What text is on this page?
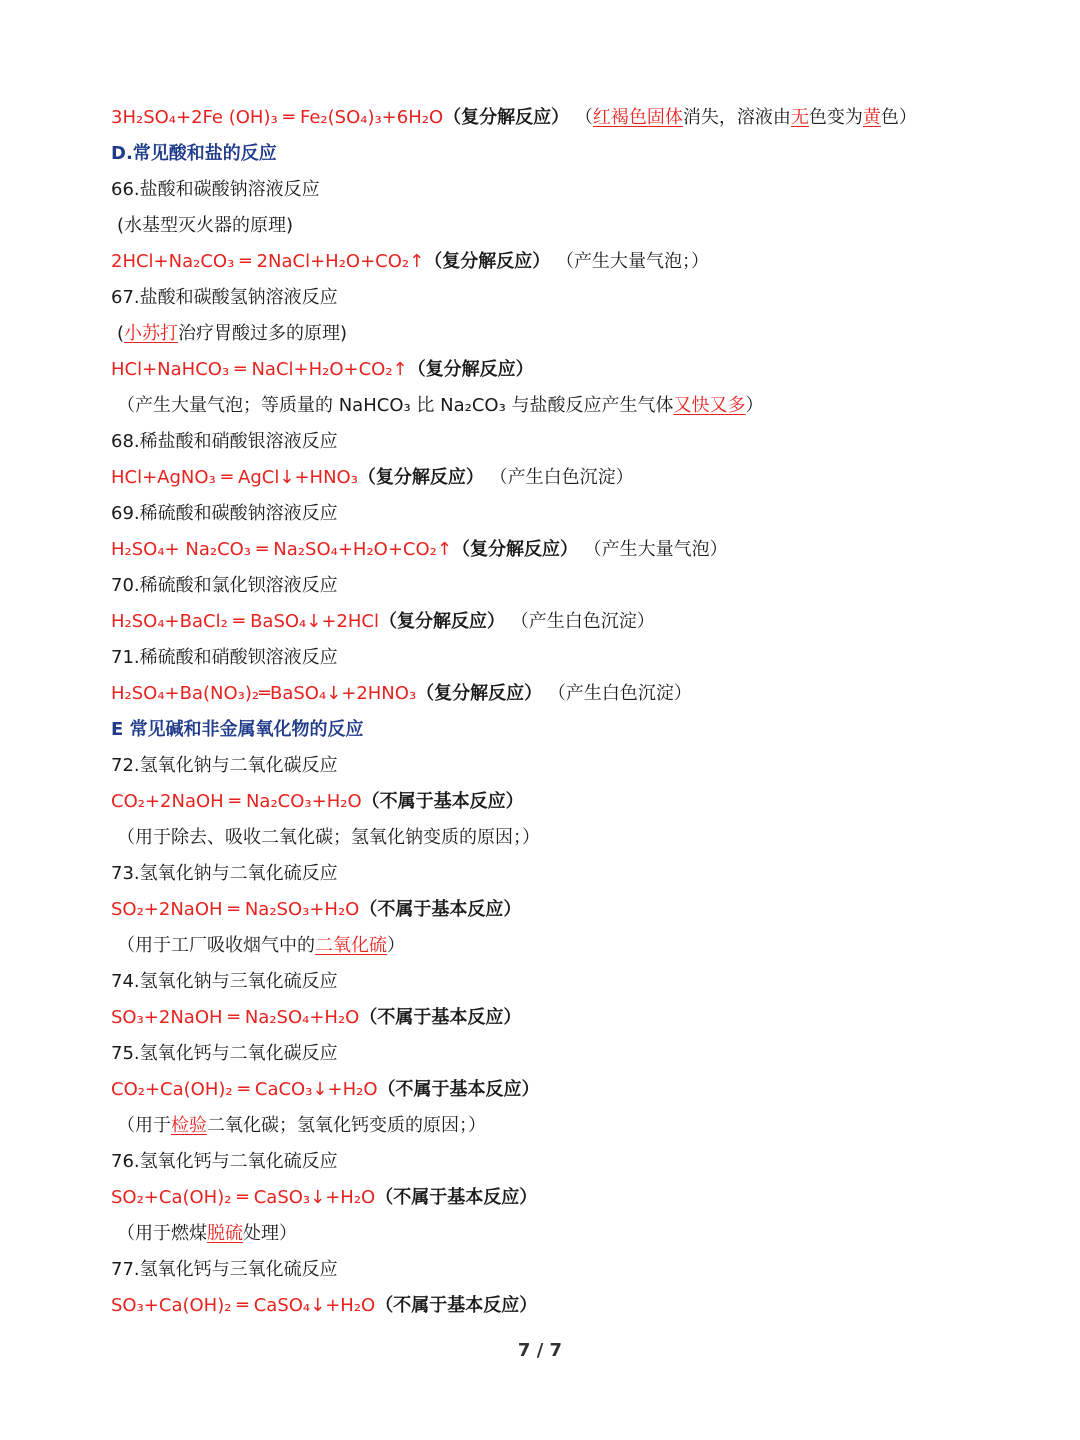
3H₂SO₄+2Fe (OH)₃ ═ Fe₂(SO₄)₃+6H₂O（复分解反应） （红褐色固体消失，溶液由无色变为黄色）
D.常见酸和盐的反应
66.盐酸和碳酸钠溶液反应
(水基型灭火器的原理)
2HCl+Na₂CO₃ ═ 2NaCl+H₂O+CO₂↑（复分解反应） （产生大量气泡；）
67.盐酸和碳酸氢钠溶液反应
(小苏打治疗胃酸过多的原理)
HCl+NaHCO₃ ═ NaCl+H₂O+CO₂↑（复分解反应）
（产生大量气泡；等质量的 NaHCO₃ 比 Na₂CO₃ 与盐酸反应产生气体又快又多）
68.稀盐酸和硝酸银溶液反应
HCl+AgNO₃ ═ AgCl↓+HNO₃（复分解反应） （产生白色沉淀）
69.稀硫酸和碳酸钠溶液反应
H₂SO₄+ Na₂CO₃ ═ Na₂SO₄+H₂O+CO₂↑（复分解反应） （产生大量气泡）
70.稀硫酸和氯化钡溶液反应
H₂SO₄+BaCl₂ ═ BaSO₄↓+2HCl（复分解反应） （产生白色沉淀）
71.稀硫酸和硝酸钡溶液反应
H₂SO₄+Ba(NO₃)₂═BaSO₄↓+2HNO₃（复分解反应） （产生白色沉淀）
E 常见碱和非金属氧化物的反应
72.氢氧化钠与二氧化碳反应
CO₂+2NaOH ═ Na₂CO₃+H₂O（不属于基本反应）
（用于除去、吸收二氧化碳；氢氧化钠变质的原因；）
73.氢氧化钠与二氧化硫反应
SO₂+2NaOH ═ Na₂SO₃+H₂O（不属于基本反应）
（用于工厂吸收烟气中的二氧化硫）
74.氢氧化钠与三氧化硫反应
SO₃+2NaOH ═ Na₂SO₄+H₂O（不属于基本反应）
75.氢氧化钙与二氧化碳反应
CO₂+Ca(OH)₂ ═ CaCO₃↓+H₂O（不属于基本反应）
（用于检验二氧化碳；氢氧化钙变质的原因；）
76.氢氧化钙与二氧化硫反应
SO₂+Ca(OH)₂ ═ CaSO₃↓+H₂O（不属于基本反应）
（用于燃煤脱硫处理）
77.氢氧化钙与三氧化硫反应
SO₃+Ca(OH)₂ ═ CaSO₄↓+H₂O（不属于基本反应）
7 / 7
